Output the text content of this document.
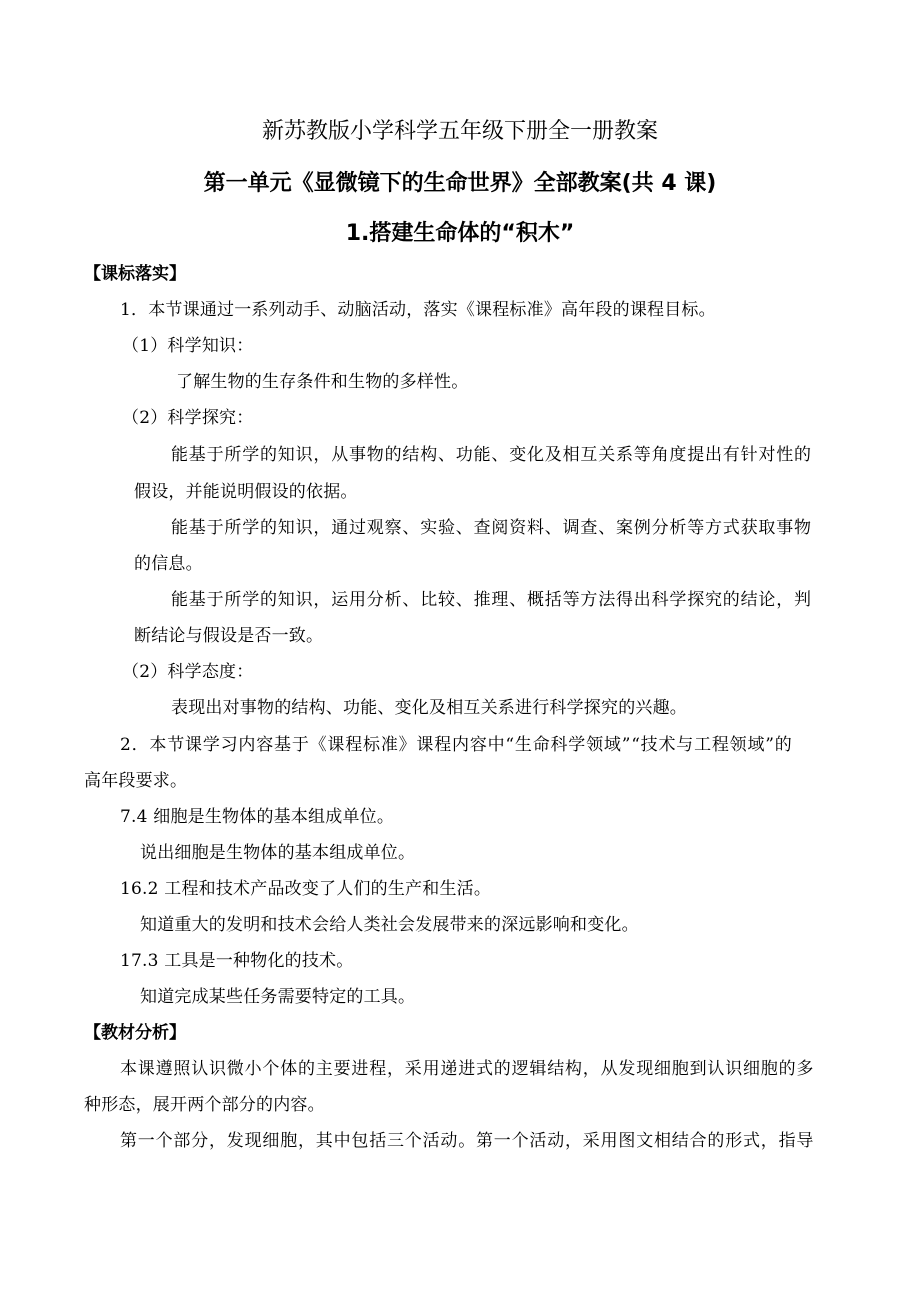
新苏教版小学科学五年级下册全一册教案
第一单元《显微镜下的生命世界》全部教案(共 4 课)
1.搭建生命体的“积木”
【课标落实】
1．本节课通过一系列动手、动脑活动，落实《课程标准》高年段的课程目标。
（1）科学知识：
了解生物的生存条件和生物的多样性。
（2）科学探究：
能基于所学的知识，从事物的结构、功能、变化及相互关系等角度提出有针对性的
假设，并能说明假设的依据。
能基于所学的知识，通过观察、实验、查阅资料、调查、案例分析等方式获取事物
的信息。
能基于所学的知识，运用分析、比较、推理、概括等方法得出科学探究的结论，判
断结论与假设是否一致。
（2）科学态度：
表现出对事物的结构、功能、变化及相互关系进行科学探究的兴趣。
2．本节课学习内容基于《课程标准》课程内容中“生命科学领域”“技术与工程领域”的
高年段要求。
7.4 细胞是生物体的基本组成单位。
说出细胞是生物体的基本组成单位。
16.2 工程和技术产品改变了人们的生产和生活。
知道重大的发明和技术会给人类社会发展带来的深远影响和变化。
17.3 工具是一种物化的技术。
知道完成某些任务需要特定的工具。
【教材分析】
本课遵照认识微小个体的主要进程，采用递进式的逻辑结构，从发现细胞到认识细胞的多
种形态，展开两个部分的内容。
第一个部分，发现细胞，其中包括三个活动。第一个活动，采用图文相结合的形式，指导
